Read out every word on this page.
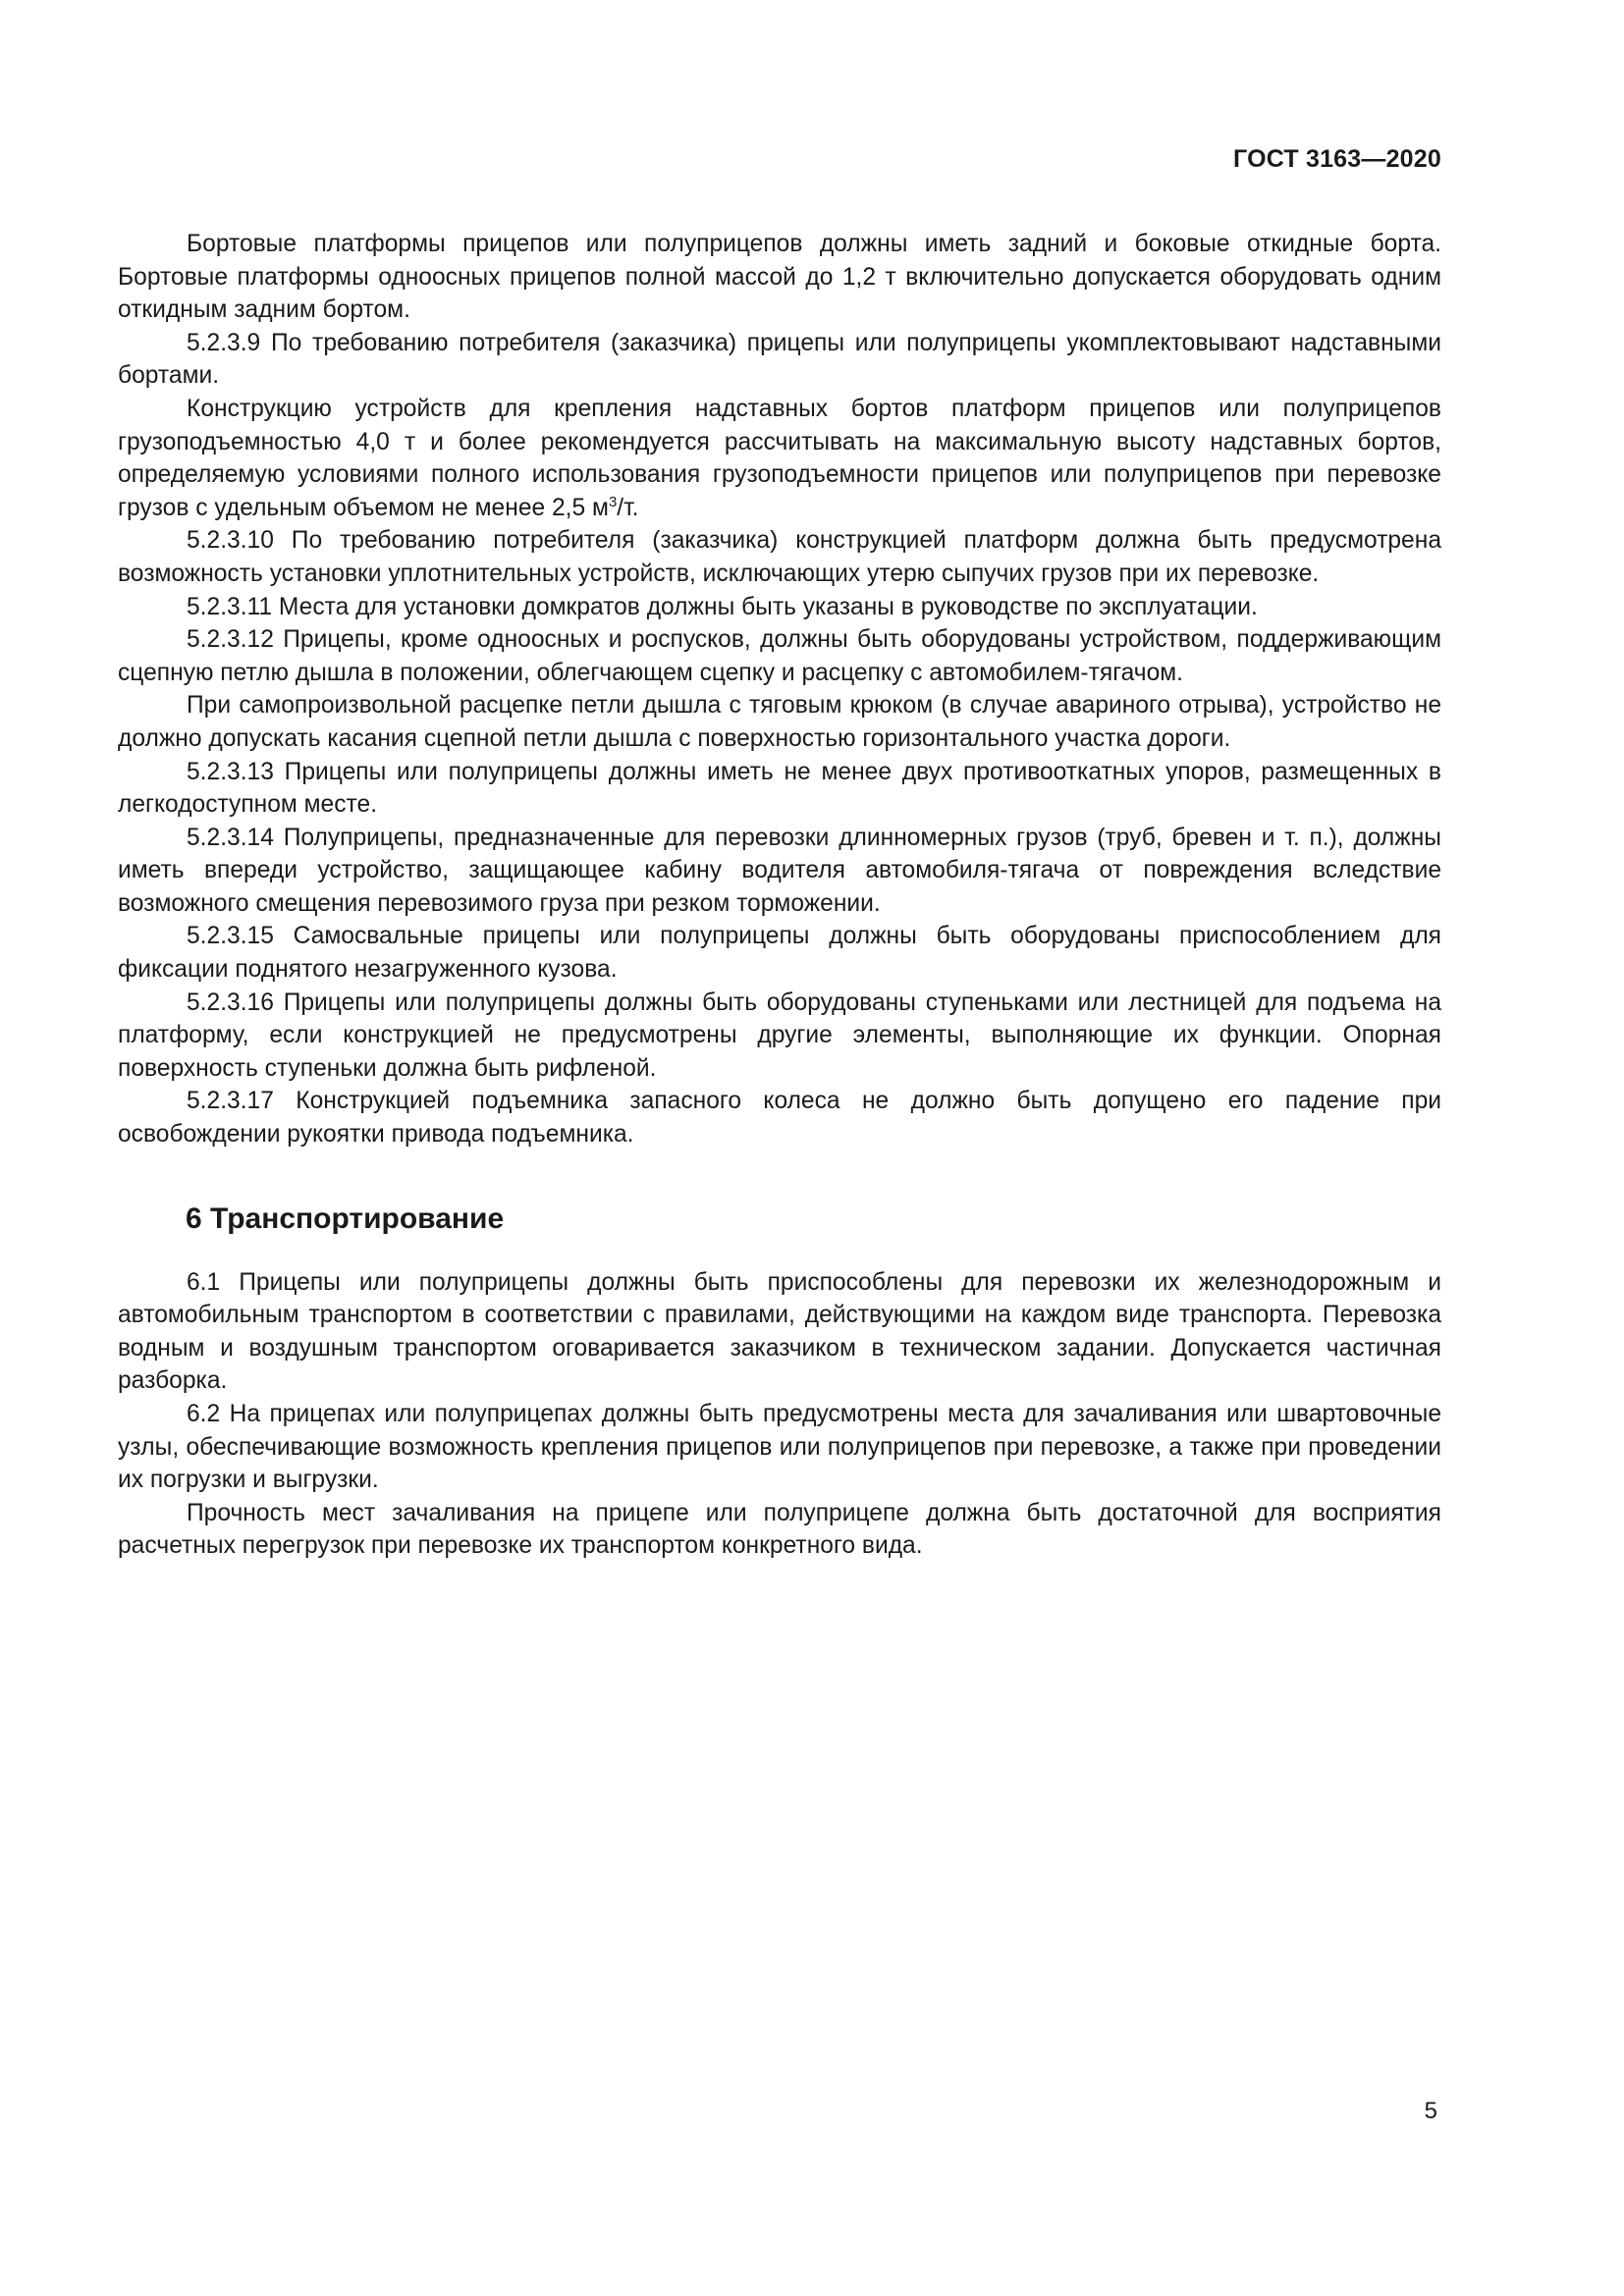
ГОСТ 3163—2020

Бортовые платформы прицепов или полуприцепов должны иметь задний и боковые откидные борта. Бортовые платформы одноосных прицепов полной массой до 1,2 т включительно допускается оборудовать одним откидным задним бортом.

5.2.3.9 По требованию потребителя (заказчика) прицепы или полуприцепы укомплектовывают надставными бортами.

Конструкцию устройств для крепления надставных бортов платформ прицепов или полуприцепов грузоподъемностью 4,0 т и более рекомендуется рассчитывать на максимальную высоту надставных бортов, определяемую условиями полного использования грузоподъемности прицепов или полуприцепов при перевозке грузов с удельным объемом не менее 2,5 $м^3/т$.

5.2.3.10 По требованию потребителя (заказчика) конструкцией платформ должна быть предусмотрена возможность установки уплотнительных устройств, исключающих утерю сыпучих грузов при их перевозке.

5.2.3.11 Места для установки домкратов должны быть указаны в руководстве по эксплуатации.

5.2.3.12 Прицепы, кроме одноосных и роспусков, должны быть оборудованы устройством, поддерживающим сцепную петлю дышла в положении, облегчающем сцепку и расцепку с автомобилем-тягачом.

При самопроизвольной расцепке петли дышла с тяговым крюком (в случае авариного отрыва), устройство не должно допускать касания сцепной петли дышла с поверхностью горизонтального участка дороги.

5.2.3.13 Прицепы или полуприцепы должны иметь не менее двух противооткатных упоров, размещенных в легкодоступном месте.

5.2.3.14 Полуприцепы, предназначенные для перевозки длинномерных грузов (труб, бревен и т. п.), должны иметь впереди устройство, защищающее кабину водителя автомобиля-тягача от повреждения вследствие возможного смещения перевозимого груза при резком торможении.

5.2.3.15 Самосвальные прицепы или полуприцепы должны быть оборудованы приспособлением для фиксации поднятого незагруженного кузова.

5.2.3.16 Прицепы или полуприцепы должны быть оборудованы ступеньками или лестницей для подъема на платформу, если конструкцией не предусмотрены другие элементы, выполняющие их функции. Опорная поверхность ступеньки должна быть рифленой.

5.2.3.17 Конструкцией подъемника запасного колеса не должно быть допущено его падение при освобождении рукоятки привода подъемника.

6 Транспортирование

6.1 Прицепы или полуприцепы должны быть приспособлены для перевозки их железнодорожным и автомобильным транспортом в соответствии с правилами, действующими на каждом виде транспорта. Перевозка водным и воздушным транспортом оговаривается заказчиком в техническом задании. Допускается частичная разборка.

6.2 На прицепах или полуприцепах должны быть предусмотрены места для зачаливания или швартовочные узлы, обеспечивающие возможность крепления прицепов или полуприцепов при перевозке, а также при проведении их погрузки и выгрузки.

Прочность мест зачаливания на прицепе или полуприцепе должна быть достаточной для восприятия расчетных перегрузок при перевозке их транспортом конкретного вида.

5
